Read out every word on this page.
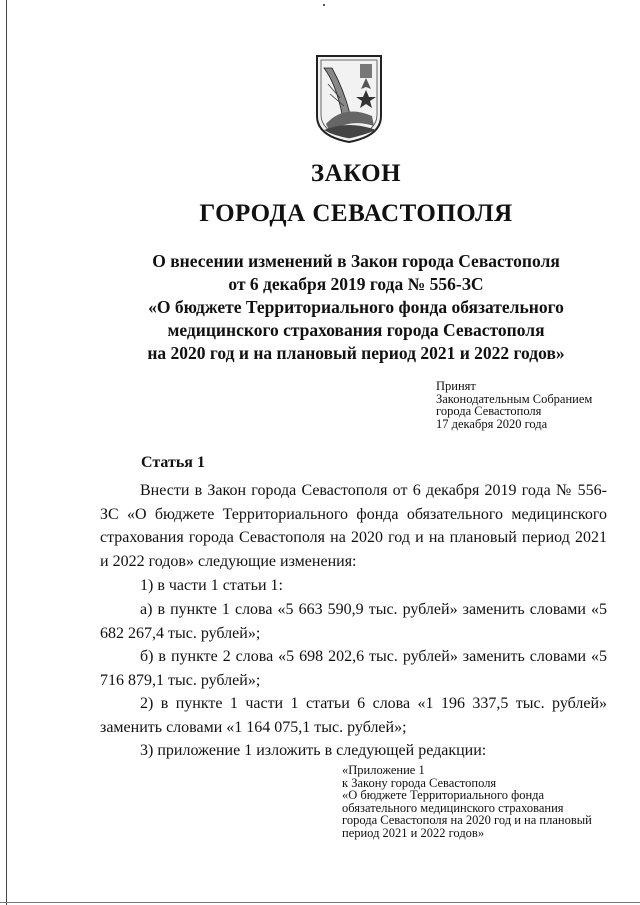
ЗАКОН
ГОРОДА СЕВАСТОПОЛЯ
О внесении изменений в Закон города Севастополя
от 6 декабря 2019 года № 556-ЗС
«О бюджете Территориального фонда обязательного
медицинского страхования города Севастополя
на 2020 год и на плановый период 2021 и 2022 годов»
Принят
Законодательным Собранием
города Севастополя
17 декабря 2020 года
Статья 1
Внести в Закон города Севастополя от 6 декабря 2019 года № 556-ЗС «О бюджете Территориального фонда обязательного медицинского страхования города Севастополя на 2020 год и на плановый период 2021 и 2022 годов» следующие изменения:
1) в части 1 статьи 1:
а) в пункте 1 слова «5 663 590,9 тыс. рублей» заменить словами «5 682 267,4 тыс. рублей»;
б) в пункте 2 слова «5 698 202,6 тыс. рублей» заменить словами «5 716 879,1 тыс. рублей»;
2) в пункте 1 части 1 статьи 6 слова «1 196 337,5 тыс. рублей» заменить словами «1 164 075,1 тыс. рублей»;
3) приложение 1 изложить в следующей редакции:
«Приложение 1
к Закону города Севастополя
«О бюджете Территориального фонда
обязательного медицинского страхования
города Севастополя на 2020 год и на плановый
период 2021 и 2022 годов»
